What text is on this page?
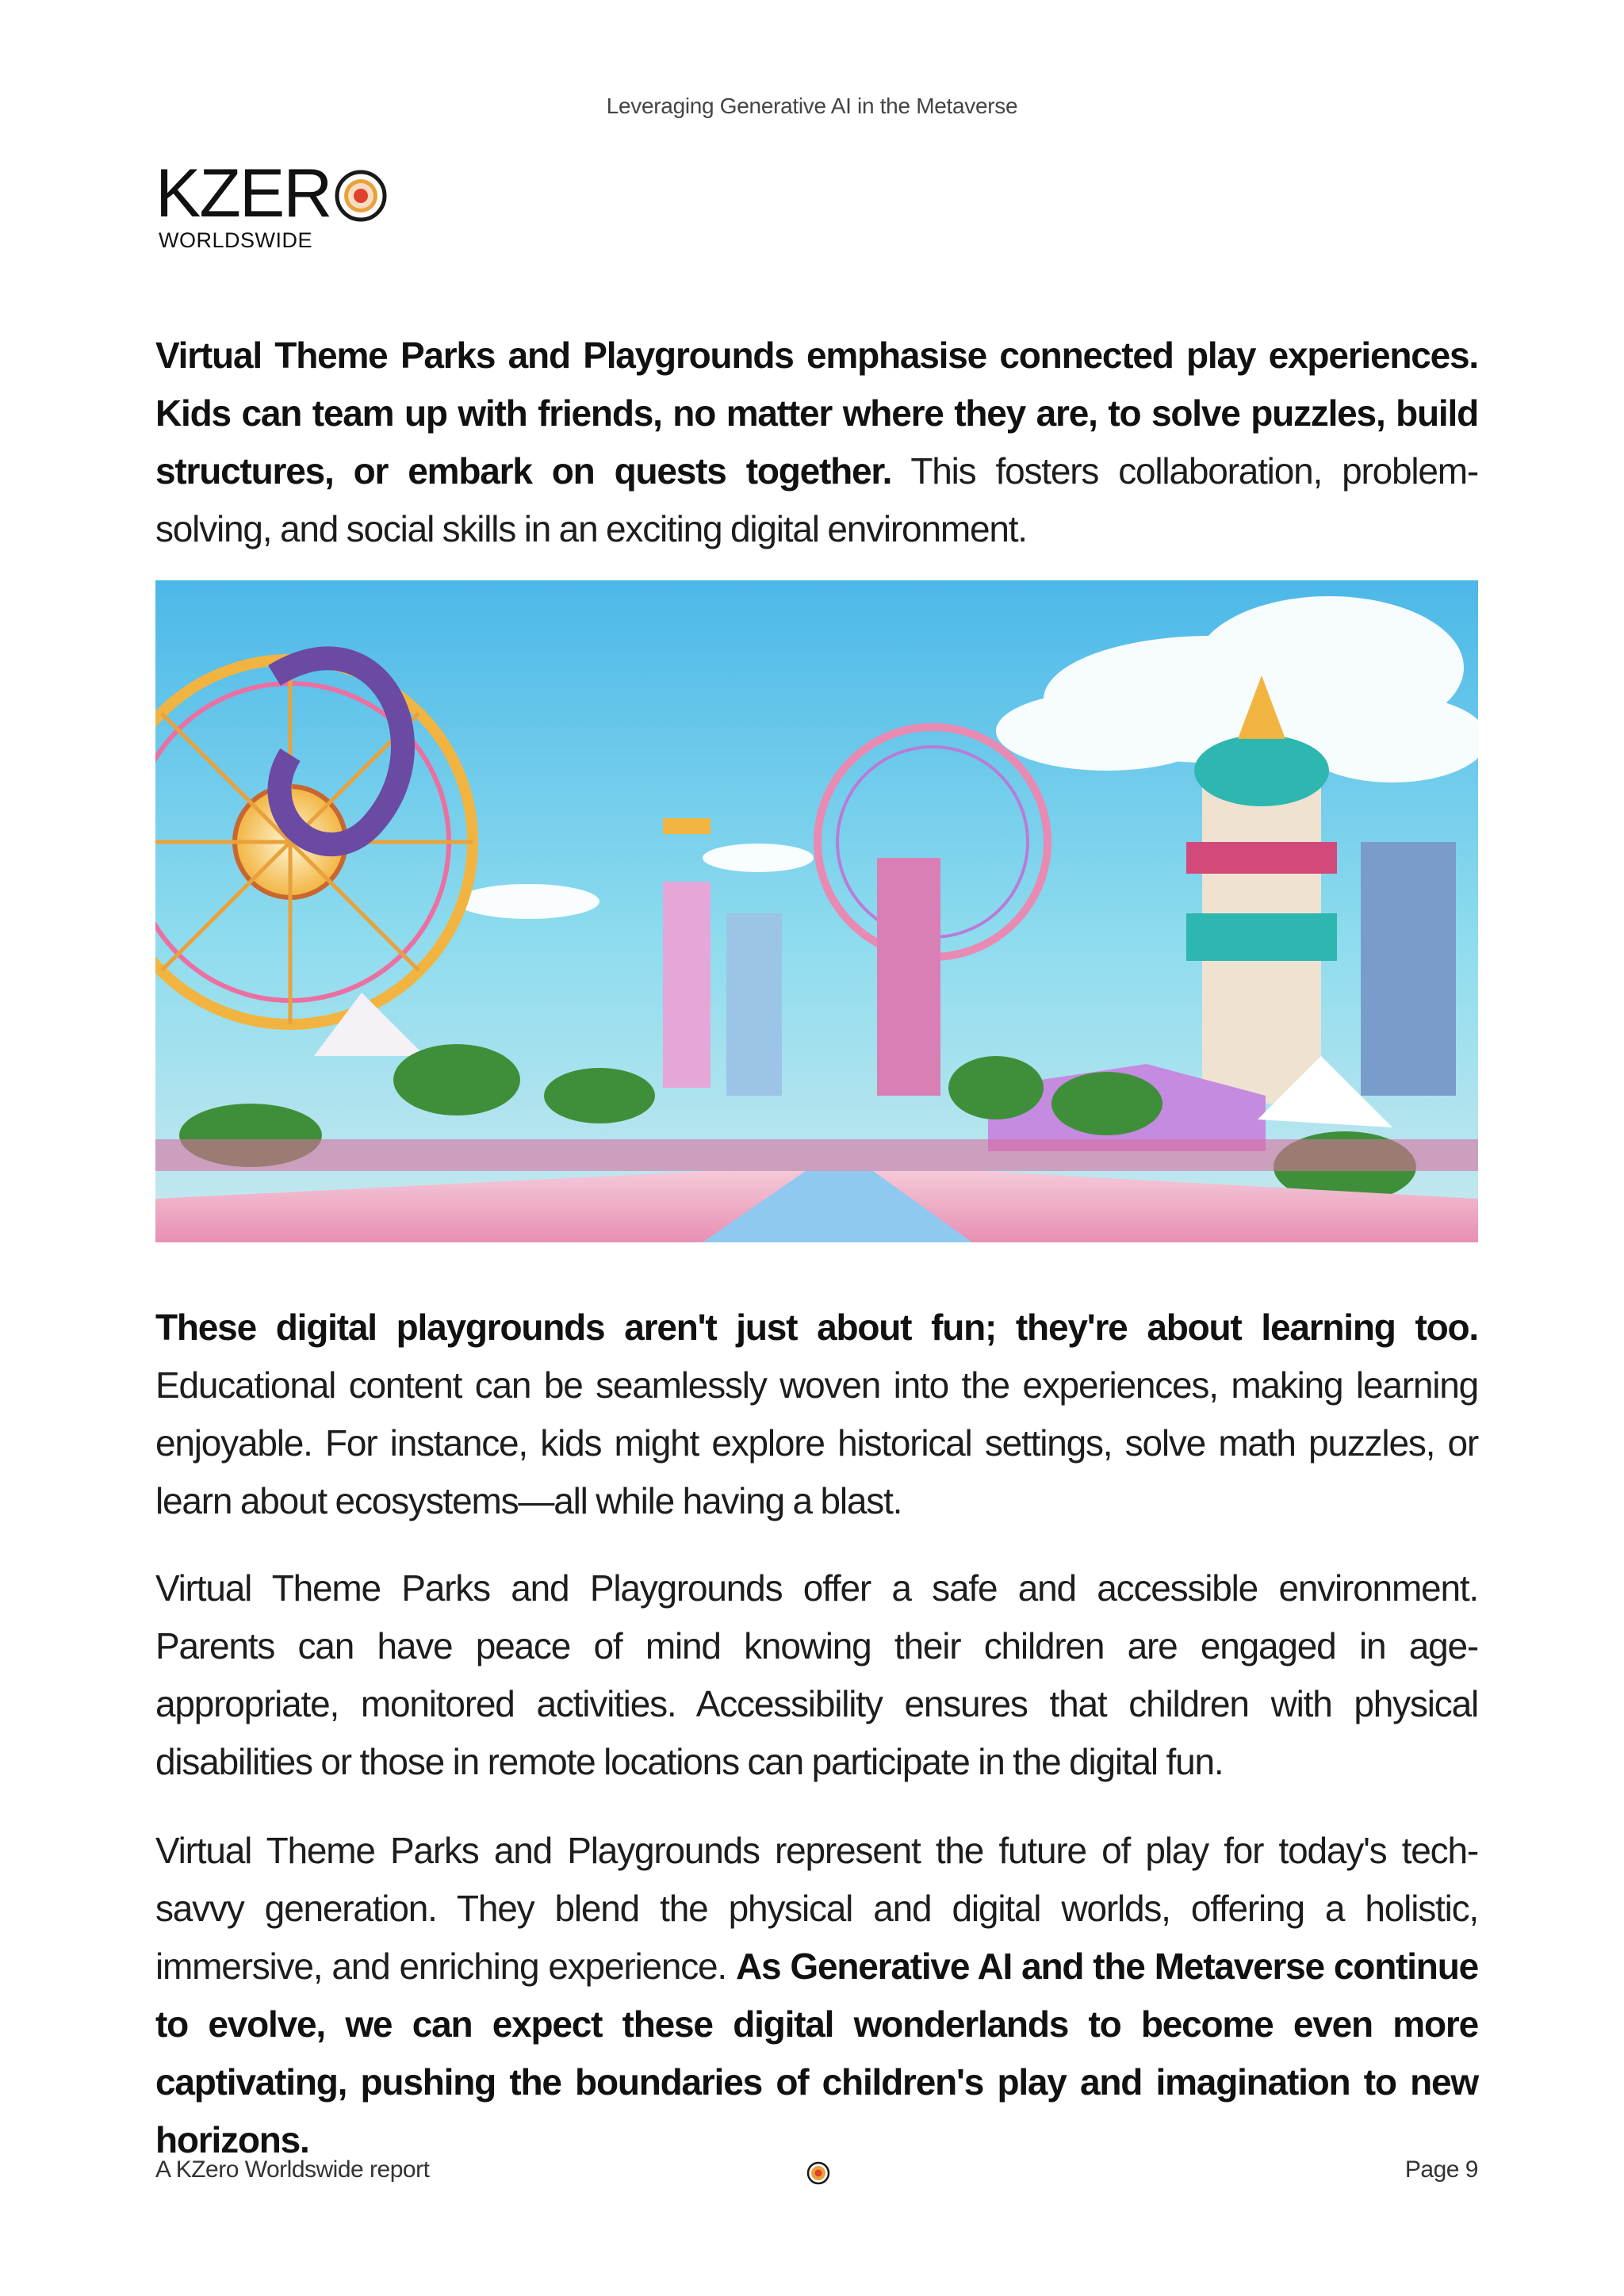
Leveraging Generative AI in the Metaverse
KZER
WORLDSWIDE

Virtual Theme Parks and Playgrounds emphasise connected play experiences. Kids can team up with friends, no matter where they are, to solve puzzles, build structures, or embark on quests together. This fosters collaboration, problem-solving, and social skills in an exciting digital environment.

These digital playgrounds aren't just about fun; they're about learning too. Educational content can be seamlessly woven into the experiences, making learning enjoyable. For instance, kids might explore historical settings, solve math puzzles, or learn about ecosystems—all while having a blast.

Virtual Theme Parks and Playgrounds offer a safe and accessible environment. Parents can have peace of mind knowing their children are engaged in age-appropriate, monitored activities. Accessibility ensures that children with physical disabilities or those in remote locations can participate in the digital fun.

Virtual Theme Parks and Playgrounds represent the future of play for today's tech-savvy generation. They blend the physical and digital worlds, offering a holistic, immersive, and enriching experience. As Generative AI and the Metaverse continue to evolve, we can expect these digital wonderlands to become even more captivating, pushing the boundaries of children's play and imagination to new horizons.

A KZero Worldswide report	Page 9
